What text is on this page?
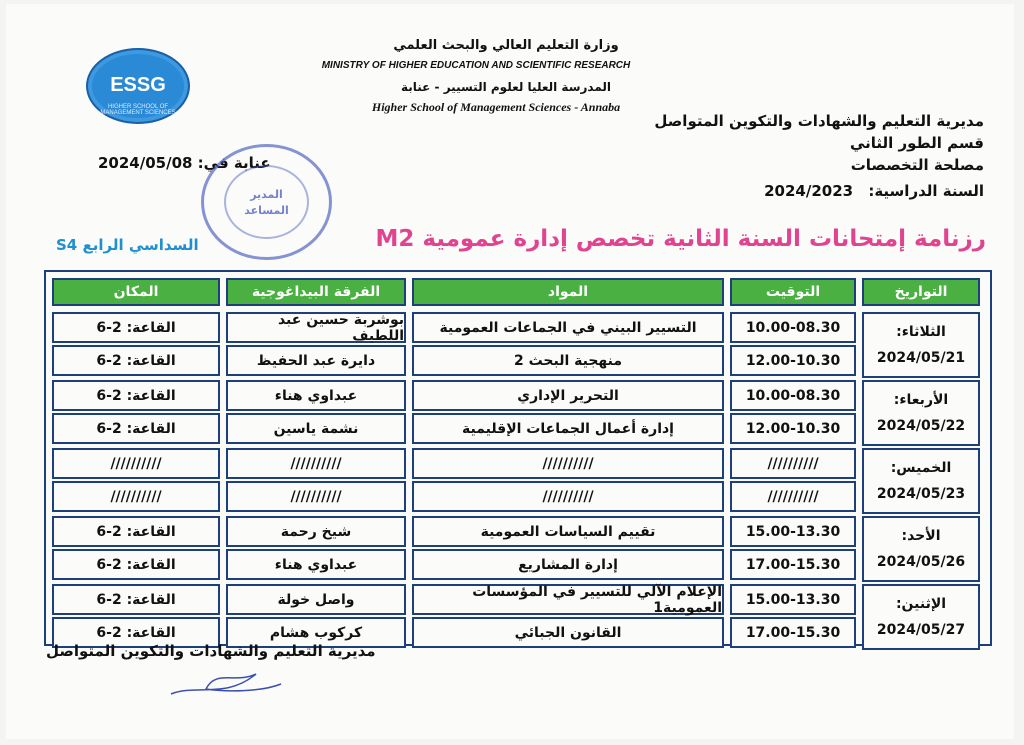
ESSG
HIGHER SCHOOL OF MANAGEMENT SCIENCES
وزارة التعليم العالي والبحث العلمي
MINISTRY OF HIGHER EDUCATION AND SCIENTIFIC RESEARCH
المدرسة العليا لعلوم التسيير - عنابة
Higher School of Management Sciences - Annaba
مديرية التعليم والشهادات والتكوين المتواصل
قسم الطور الثاني
مصلحة التخصصات
السنة الدراسية: 2024/2023
عنابة في: 2024/05/08
المدير
المساعد
السداسي الرابع S4	رزنامة إمتحانات السنة الثانية تخصص إدارة عمومية M2
التواريخ
التوقيت
المواد
الفرقة البيداغوجية
المكان
الثلاثاء:
2024/05/21
10.00-08.30
التسيير البيني في الجماعات العمومية
بوشربة حسين عبد اللطيف
القاعة: 2-6
12.00-10.30
منهجية البحث 2
دايرة عبد الحفيظ
القاعة: 2-6
الأربعاء:
2024/05/22
10.00-08.30
التحرير الإداري
عبداوي هناء
القاعة: 2-6
12.00-10.30
إدارة أعمال الجماعات الإقليمية
نشمة ياسين
القاعة: 2-6
الخميس:
2024/05/23
//////////
//////////
//////////
//////////
//////////
//////////
//////////
//////////
الأحد:
2024/05/26
15.00-13.30
تقييم السياسات العمومية
شيخ رحمة
القاعة: 2-6
17.00-15.30
إدارة المشاريع
عبداوي هناء
القاعة: 2-6
الإثنين:
2024/05/27
15.00-13.30
الإعلام الآلي للتسيير في المؤسسات العمومية1
واصل خولة
القاعة: 2-6
17.00-15.30
القانون الجبائي
كركوب هشام
القاعة: 2-6
مديرية التعليم والشهادات والتكوين المتواصل
